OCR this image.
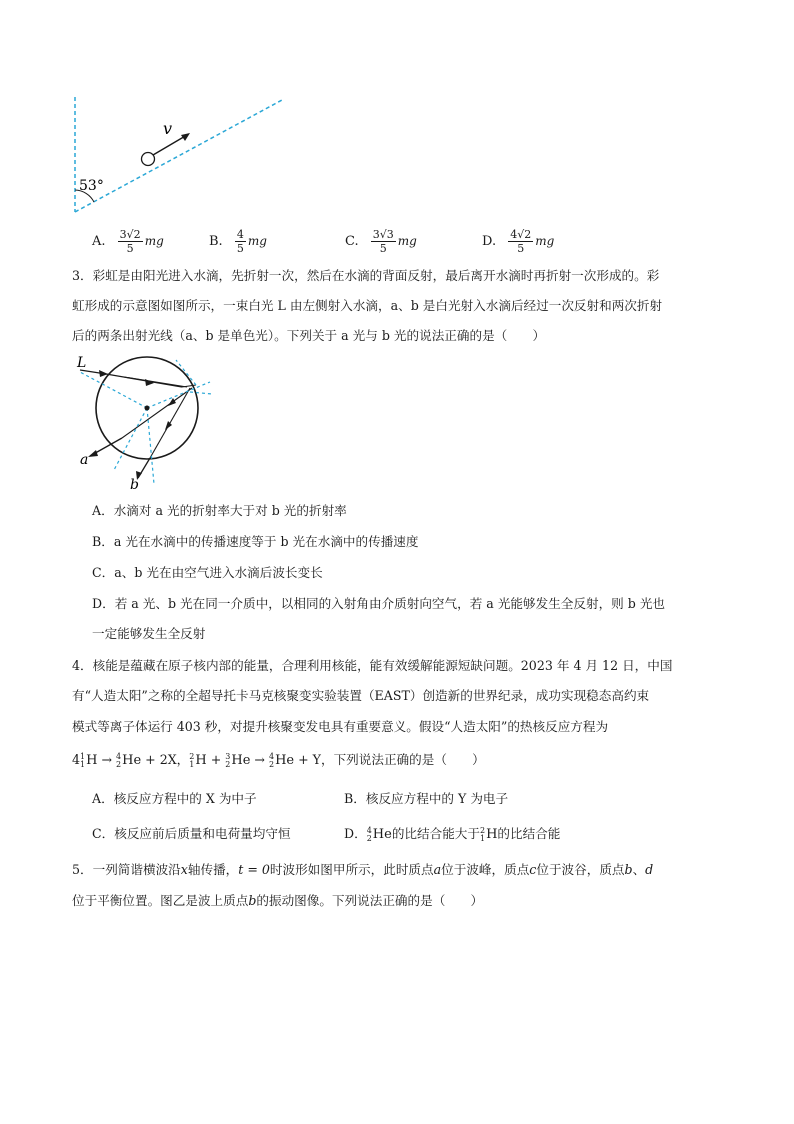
v
53°
A. $\frac{3√2}{5}$ mg	B. $\frac{4}{5}$ mg	C. $\frac{3√3}{5}$ mg	D. $\frac{4√2}{5}$ mg
3．彩虹是由阳光进入水滴，先折射一次，然后在水滴的背面反射，最后离开水滴时再折射一次形成的。彩
虹形成的示意图如图所示，一束白光 L 由左侧射入水滴，a、b 是白光射入水滴后经过一次反射和两次折射
后的两条出射光线（a、b 是单色光）。下列关于 a 光与 b 光的说法正确的是（　　）
L
a
b
A．水滴对 a 光的折射率大于对 b 光的折射率
B．a 光在水滴中的传播速度等于 b 光在水滴中的传播速度
C．a、b 光在由空气进入水滴后波长变长
D．若 a 光、b 光在同一介质中，以相同的入射角由介质射向空气，若 a 光能够发生全反射，则 b 光也
一定能够发生全反射
4．核能是蕴藏在原子核内部的能量，合理利用核能，能有效缓解能源短缺问题。2023 年 4 月 12 日，中国
有“人造太阳”之称的全超导托卡马克核聚变实验装置（EAST）创造新的世界纪录，成功实现稳态高约束
模式等离子体运行 403 秒，对提升核聚变发电具有重要意义。假设“人造太阳”的热核反应方程为
4 1
1 H → 4
2 He + 2X， 2
1 H + 3
2 He → 4
2 He + Y，下列说法正确的是（　　）
A．核反应方程中的 X 为中子	B．核反应方程中的 Y 为电子
C．核反应前后质量和电荷量均守恒	D． 4
2 He 的比结合能大于 2
1 H 的比结合能
5．一列简谐横波沿x轴传播，t = 0时波形如图甲所示，此时质点a位于波峰，质点c位于波谷，质点b、d
位于平衡位置。图乙是波上质点b的振动图像。下列说法正确的是（　　）
